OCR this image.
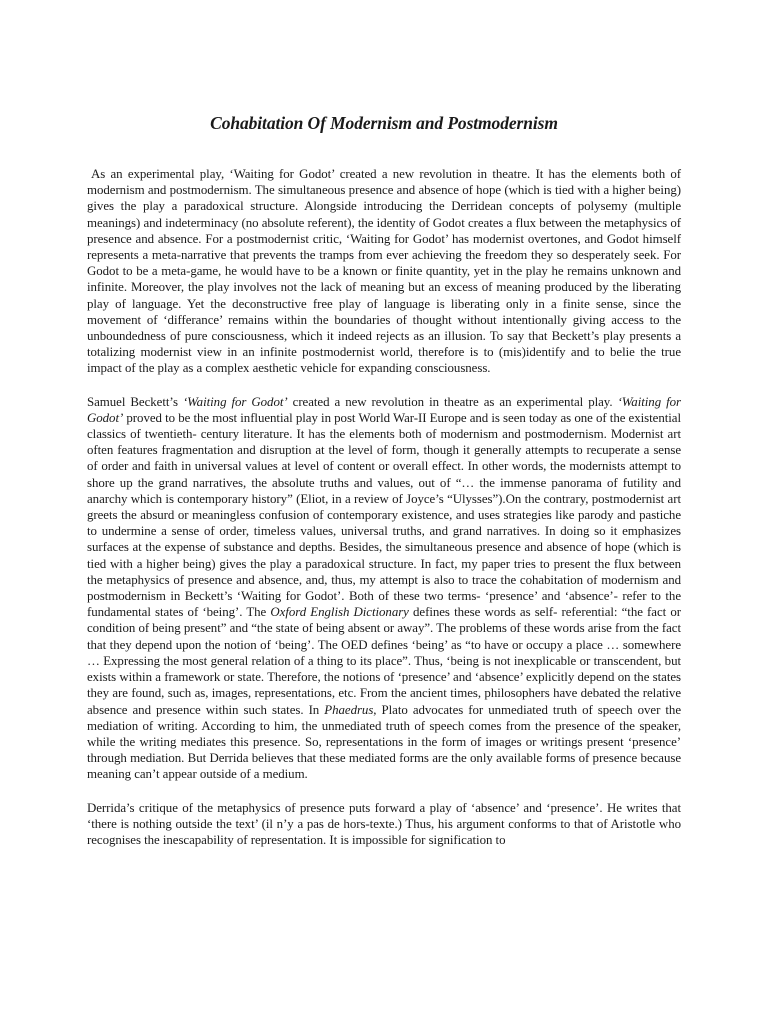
Cohabitation Of Modernism and Postmodernism

As an experimental play, ‘Waiting for Godot’ created a new revolution in theatre. It has the elements both of modernism and postmodernism. The simultaneous presence and absence of hope (which is tied with a higher being) gives the play a paradoxical structure. Alongside introducing the Derridean concepts of polysemy (multiple meanings) and indeterminacy (no absolute referent), the identity of Godot creates a flux between the metaphysics of presence and absence. For a postmodernist critic, ‘Waiting for Godot’ has modernist overtones, and Godot himself represents a meta-narrative that prevents the tramps from ever achieving the freedom they so desperately seek. For Godot to be a meta-game, he would have to be a known or finite quantity, yet in the play he remains unknown and infinite. Moreover, the play involves not the lack of meaning but an excess of meaning produced by the liberating play of language. Yet the deconstructive free play of language is liberating only in a finite sense, since the movement of ‘differance’ remains within the boundaries of thought without intentionally giving access to the unboundedness of pure consciousness, which it indeed rejects as an illusion. To say that Beckett’s play presents a totalizing modernist view in an infinite postmodernist world, therefore is to (mis)identify and to belie the true impact of the play as a complex aesthetic vehicle for expanding consciousness.

Samuel Beckett’s ‘Waiting for Godot’ created a new revolution in theatre as an experimental play. ‘Waiting for Godot’ proved to be the most influential play in post World War-II Europe and is seen today as one of the existential classics of twentieth- century literature. It has the elements both of modernism and postmodernism. Modernist art often features fragmentation and disruption at the level of form, though it generally attempts to recuperate a sense of order and faith in universal values at level of content or overall effect. In other words, the modernists attempt to shore up the grand narratives, the absolute truths and values, out of “… the immense panorama of futility and anarchy which is contemporary history” (Eliot, in a review of Joyce’s “Ulysses”).On the contrary, postmodernist art greets the absurd or meaningless confusion of contemporary existence, and uses strategies like parody and pastiche to undermine a sense of order, timeless values, universal truths, and grand narratives. In doing so it emphasizes surfaces at the expense of substance and depths. Besides, the simultaneous presence and absence of hope (which is tied with a higher being) gives the play a paradoxical structure. In fact, my paper tries to present the flux between the metaphysics of presence and absence, and, thus, my attempt is also to trace the cohabitation of modernism and postmodernism in Beckett’s ‘Waiting for Godot’. Both of these two terms- ‘presence’ and ‘absence’- refer to the fundamental states of ‘being’. The Oxford English Dictionary defines these words as self- referential: “the fact or condition of being present” and “the state of being absent or away”. The problems of these words arise from the fact that they depend upon the notion of ‘being’. The OED defines ‘being’ as “to have or occupy a place … somewhere … Expressing the most general relation of a thing to its place”. Thus, ‘being is not inexplicable or transcendent, but exists within a framework or state. Therefore, the notions of ‘presence’ and ‘absence’ explicitly depend on the states they are found, such as, images, representations, etc. From the ancient times, philosophers have debated the relative absence and presence within such states. In Phaedrus, Plato advocates for unmediated truth of speech over the mediation of writing. According to him, the unmediated truth of speech comes from the presence of the speaker, while the writing mediates this presence. So, representations in the form of images or writings present ‘presence’ through mediation. But Derrida believes that these mediated forms are the only available forms of presence because meaning can’t appear outside of a medium.

Derrida’s critique of the metaphysics of presence puts forward a play of ‘absence’ and ‘presence’. He writes that ‘there is nothing outside the text’ (il n’y a pas de hors-texte.) Thus, his argument conforms to that of Aristotle who recognises the inescapability of representation. It is impossible for signification to
